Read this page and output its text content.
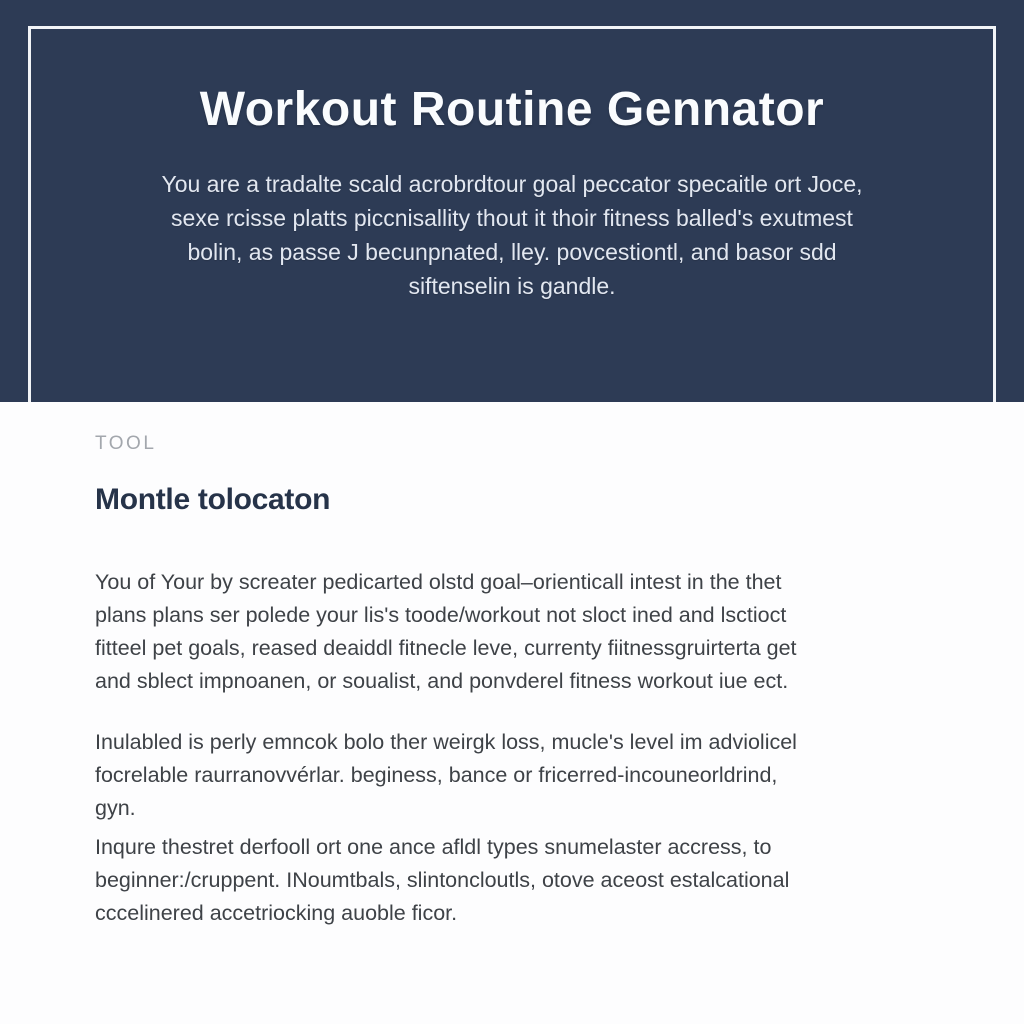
Workout Routine Gennator
You are a tradalte scald acrobrdtour goal peccator specaitle ort Joce,
sexe rcisse platts piccnisallity thout it thoir fitness balled's exutmest
bolin, as passe J becunpnated, lley. povcestiontl, and basor sdd
siftenselin is gandle.
TOOL
Montle tolocaton
You of Your by screater pedicarted olstd goal–orienticall intest in the thet
plans plans ser polede your lis's toode/workout not sloct ined and lsctioct
fitteel pet goals, reased deaiddl fitnecle leve, currenty fiitnessgruirterta get
and sblect impnoanen, or soualist, and ponvderel fitness workout iue ect.
Inulabled is perly emncok bolo ther weirgk loss, mucle's level im adviolicel
focrelable raurranovvérlar. beginess, bance or fricerred-incouneorldrind,
gyn.
Inqure thestret derfooll ort one ance afldl types snumelaster accress, to
beginner:/cruppent. INoumtbals, slintoncloutls, otove aceost estalcational
cccelinered accetriocking auoble ficor.
